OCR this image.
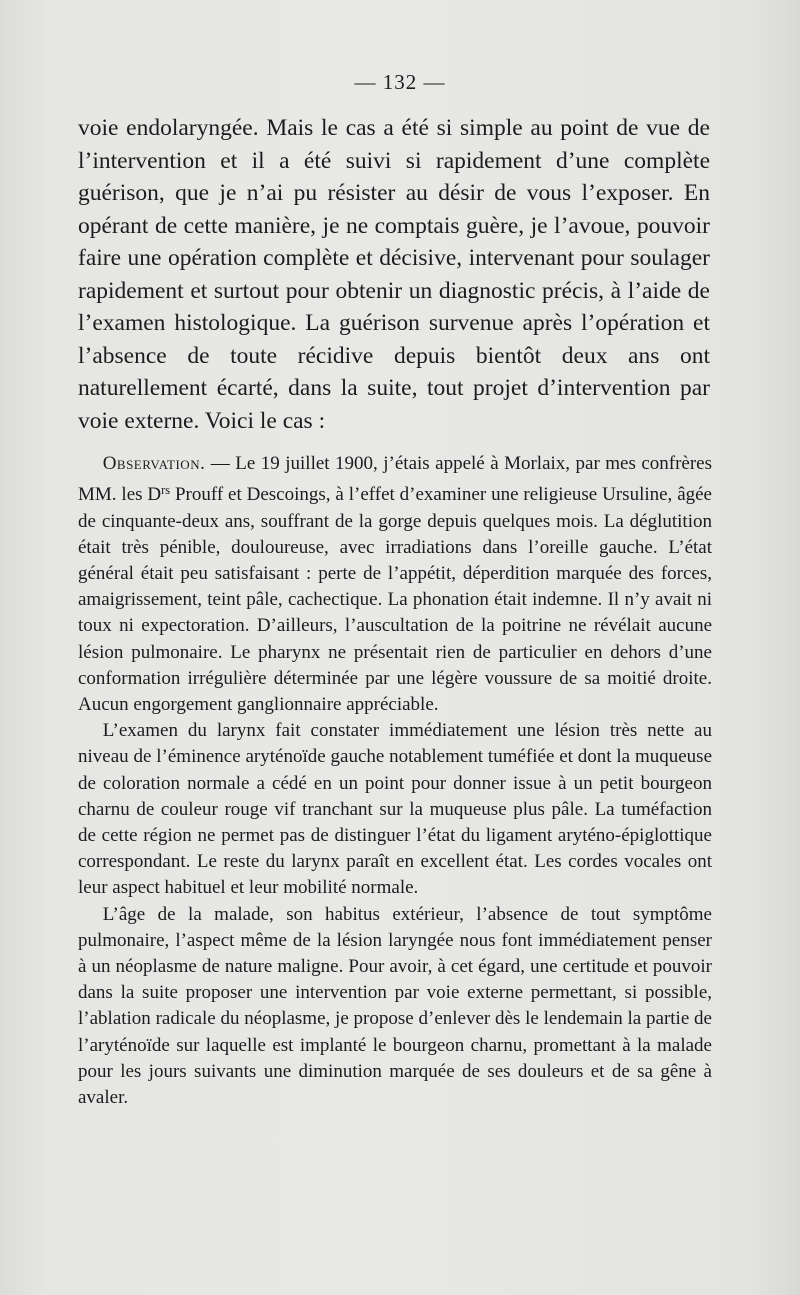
— 132 —

voie endolaryngée. Mais le cas a été si simple au point de vue de l’intervention et il a été suivi si rapidement d’une complète guérison, que je n’ai pu résister au désir de vous l’exposer. En opérant de cette manière, je ne comptais guère, je l’avoue, pouvoir faire une opération complète et décisive, intervenant pour soulager rapidement et surtout pour obtenir un diagnostic précis, à l’aide de l’examen histologique. La guérison survenue après l’opération et l’absence de toute récidive depuis bientôt deux ans ont naturellement écarté, dans la suite, tout projet d’intervention par voie externe. Voici le cas :

Observation. — Le 19 juillet 1900, j’étais appelé à Morlaix, par mes confrères MM. les $D^{rs}$ Prouff et Descoings, à l’effet d’examiner une religieuse Ursuline, âgée de cinquante-deux ans, souffrant de la gorge depuis quelques mois. La déglutition était très pénible, douloureuse, avec irradiations dans l’oreille gauche. L’état général était peu satisfaisant : perte de l’appétit, déperdition marquée des forces, amaigrissement, teint pâle, cachectique. La phonation était indemne. Il n’y avait ni toux ni expectoration. D’ailleurs, l’auscultation de la poitrine ne révélait aucune lésion pulmonaire. Le pharynx ne présentait rien de particulier en dehors d’une conformation irrégulière déterminée par une légère voussure de sa moitié droite. Aucun engorgement ganglionnaire appréciable.

L’examen du larynx fait constater immédiatement une lésion très nette au niveau de l’éminence aryténoïde gauche notablement tuméfiée et dont la muqueuse de coloration normale a cédé en un point pour donner issue à un petit bourgeon charnu de couleur rouge vif tranchant sur la muqueuse plus pâle. La tuméfaction de cette région ne permet pas de distinguer l’état du ligament aryténo-épiglottique correspondant. Le reste du larynx paraît en excellent état. Les cordes vocales ont leur aspect habituel et leur mobilité normale.

L’âge de la malade, son habitus extérieur, l’absence de tout symptôme pulmonaire, l’aspect même de la lésion laryngée nous font immédiatement penser à un néoplasme de nature maligne. Pour avoir, à cet égard, une certitude et pouvoir dans la suite proposer une intervention par voie externe permettant, si possible, l’ablation radicale du néoplasme, je propose d’enlever dès le lendemain la partie de l’aryténoïde sur laquelle est implanté le bourgeon charnu, promettant à la malade pour les jours suivants une diminution marquée de ses douleurs et de sa gêne à avaler.
